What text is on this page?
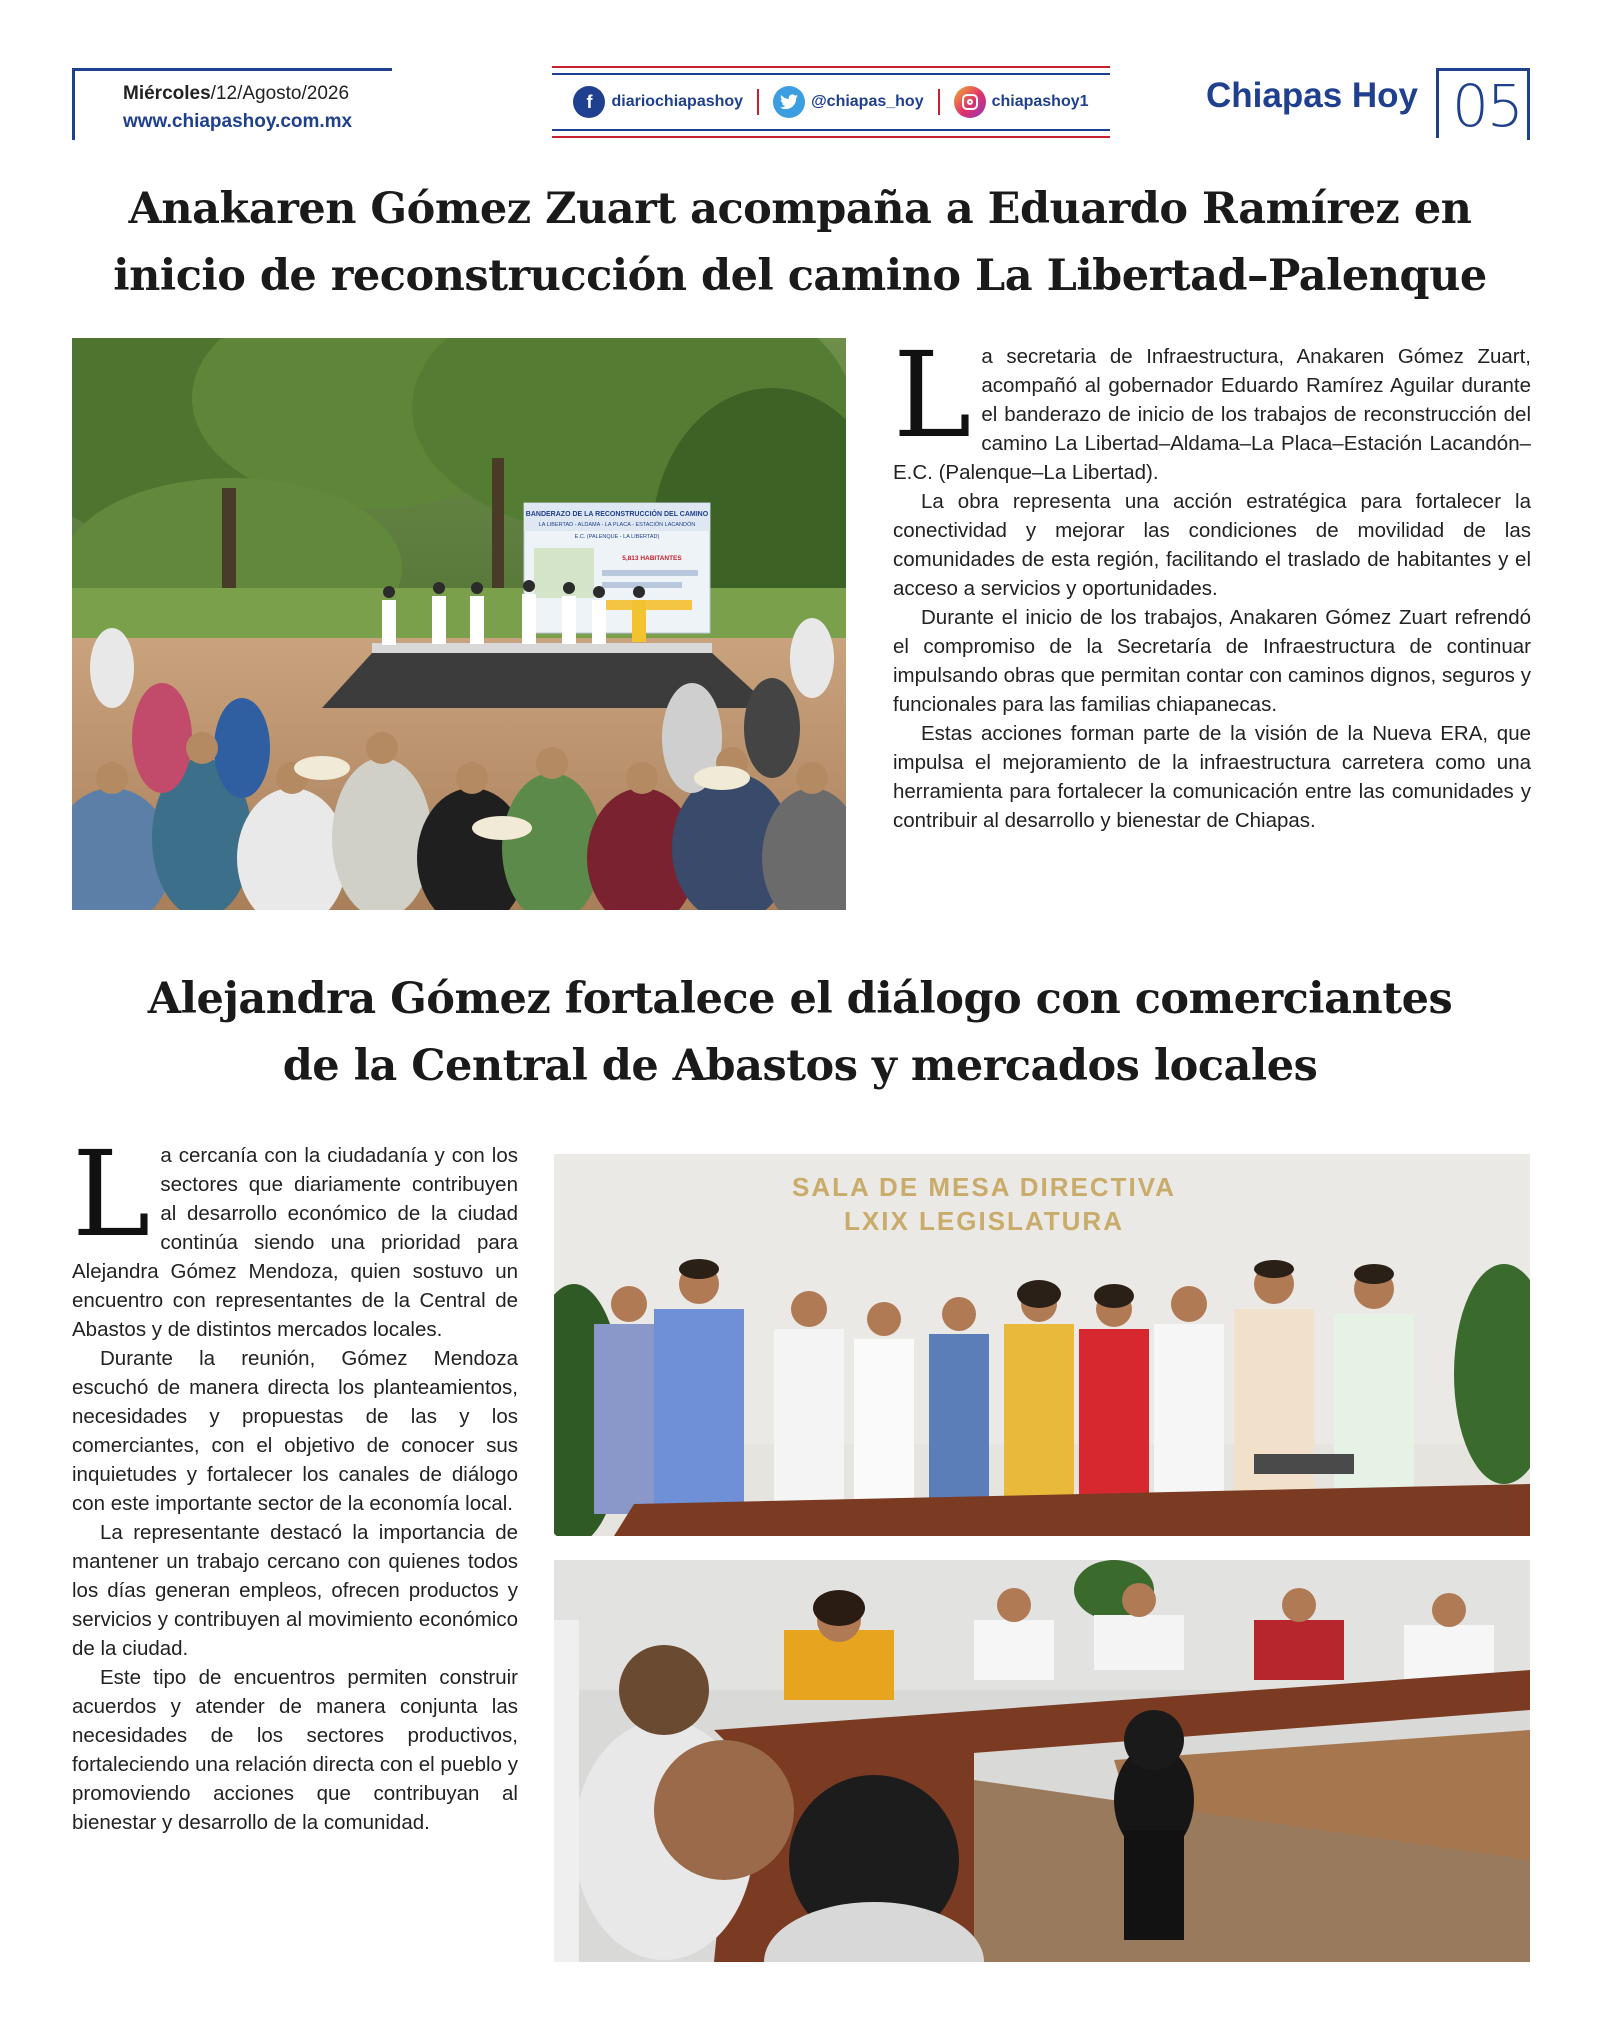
Miércoles/12/Agosto/2026
www.chiapashoy.com.mx
f	diariochiapashoy	@chiapas_hoy	chiapashoy1	Chiapas Hoy 05
Anakaren Gómez Zuart acompaña a Eduardo Ramírez en
inicio de reconstrucción del camino La Libertad–Palenque
BANDERAZO DE LA RECONSTRUCCIÓN DEL CAMINO
LA LIBERTAD - ALDAMA - LA PLACA - ESTACIÓN LACANDÓN
E.C. (PALENQUE - LA LIBERTAD)
5,813 HABITANTES

La secretaria de Infraestructura, Anakaren Gómez Zuart, acompañó al gobernador Eduardo Ramírez Aguilar durante el banderazo de inicio de los trabajos de reconstrucción del camino La Libertad–Aldama–La Placa–Estación Lacandón–E.C. (Palenque–La Libertad).

La obra representa una acción estratégica para fortalecer la conectividad y mejorar las condiciones de movilidad de las comunidades de esta región, facilitando el traslado de habitantes y el acceso a servicios y oportunidades.

Durante el inicio de los trabajos, Anakaren Gómez Zuart refrendó el compromiso de la Secretaría de Infraestructura de continuar impulsando obras que permitan contar con caminos dignos, seguros y funcionales para las familias chiapanecas.

Estas acciones forman parte de la visión de la Nueva ERA, que impulsa el mejoramiento de la infraestructura carretera como una herramienta para fortalecer la comunicación entre las comunidades y contribuir al desarrollo y bienestar de Chiapas.

Alejandra Gómez fortalece el diálogo con comerciantes
de la Central de Abastos y mercados locales

La cercanía con la ciudadanía y con los sectores que diariamente contribuyen al desarrollo económico de la ciudad continúa siendo una prioridad para Alejandra Gómez Mendoza, quien sostuvo un encuentro con representantes de la Central de Abastos y de distintos mercados locales.

Durante la reunión, Gómez Mendoza escuchó de manera directa los planteamientos, necesidades y propuestas de las y los comerciantes, con el objetivo de conocer sus inquietudes y fortalecer los canales de diálogo con este importante sector de la economía local.

La representante destacó la importancia de mantener un trabajo cercano con quienes todos los días generan empleos, ofrecen productos y servicios y contribuyen al movimiento económico de la ciudad.

Este tipo de encuentros permiten construir acuerdos y atender de manera conjunta las necesidades de los sectores productivos, fortaleciendo una relación directa con el pueblo y promoviendo acciones que contribuyan al bienestar y desarrollo de la comunidad.

SALA DE MESA DIRECTIVA
LXIX LEGISLATURA
